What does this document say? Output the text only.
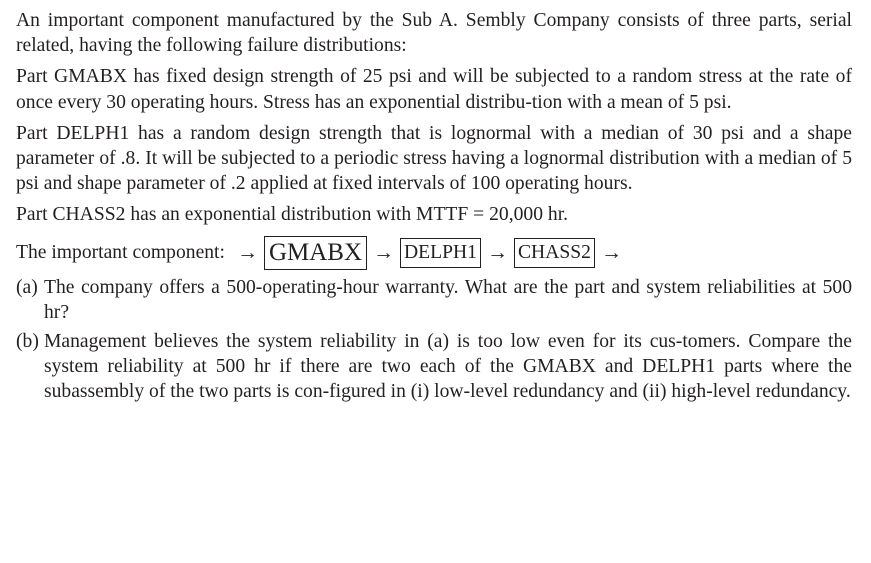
An important component manufactured by the Sub A. Sembly Company consists of three parts, serial related, having the following failure distributions:

Part GMABX has fixed design strength of 25 psi and will be subjected to a random stress at the rate of once every 30 operating hours. Stress has an exponential distribu-tion with a mean of 5 psi.

Part DELPH1 has a random design strength that is lognormal with a median of 30 psi and a shape parameter of .8. It will be subjected to a periodic stress having a lognormal distribution with a median of 5 psi and shape parameter of .2 applied at fixed intervals of 100 operating hours.

Part CHASS2 has an exponential distribution with MTTF = 20,000 hr.

The important component: → GMABX → DELPH1 → CHASS2 →
(a) The company offers a 500-operating-hour warranty. What are the part and system reliabilities at 500 hr?
(b) Management believes the system reliability in (a) is too low even for its cus-tomers. Compare the system reliability at 500 hr if there are two each of the GMABX and DELPH1 parts where the subassembly of the two parts is con-figured in (i) low-level redundancy and (ii) high-level redundancy.
